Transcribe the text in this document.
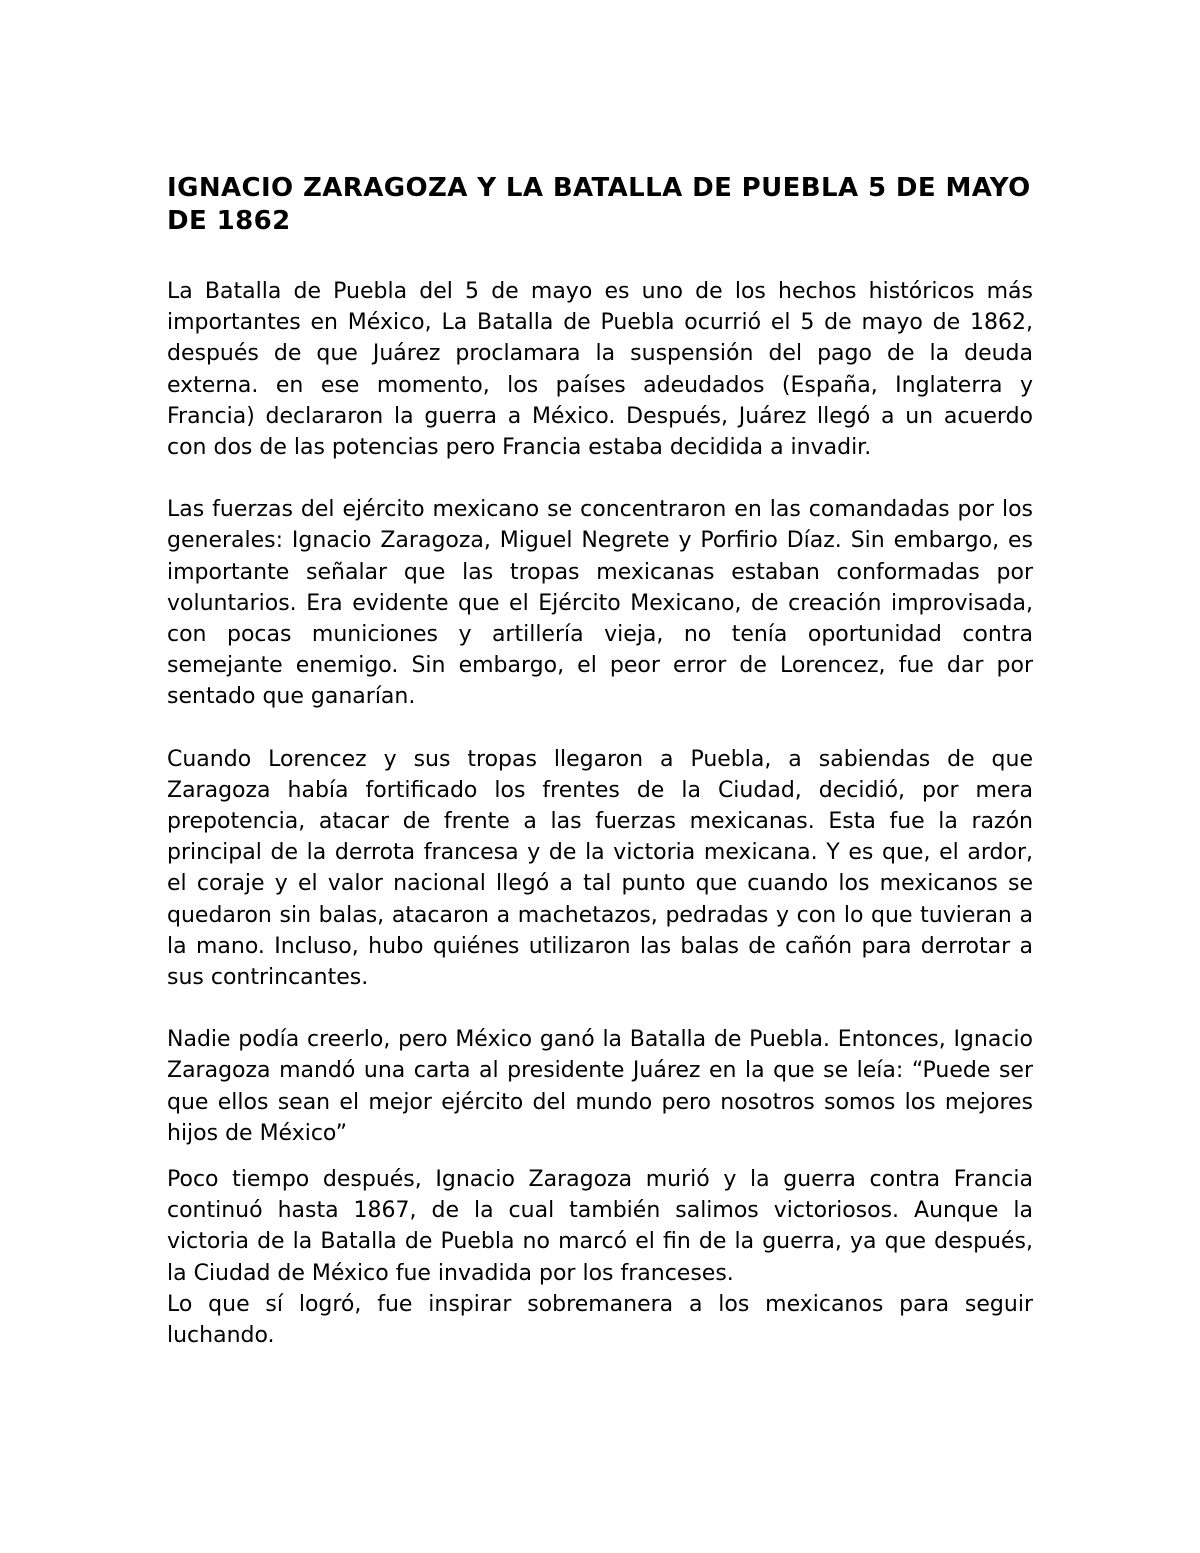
IGNACIO ZARAGOZA Y LA BATALLA DE PUEBLA 5 DE MAYO DE 1862

La Batalla de Puebla del 5 de mayo es uno de los hechos históricos más importantes en México, La Batalla de Puebla ocurrió el 5 de mayo de 1862, después de que Juárez proclamara la suspensión del pago de la deuda externa. en ese momento, los países adeudados (España, Inglaterra y Francia) declararon la guerra a México. Después, Juárez llegó a un acuerdo con dos de las potencias pero Francia estaba decidida a invadir.

Las fuerzas del ejército mexicano se concentraron en las comandadas por los generales: Ignacio Zaragoza, Miguel Negrete y Porfirio Díaz. Sin embargo, es importante señalar que las tropas mexicanas estaban conformadas por voluntarios. Era evidente que el Ejército Mexicano, de creación improvisada, con pocas municiones y artillería vieja, no tenía oportunidad contra semejante enemigo. Sin embargo, el peor error de Lorencez, fue dar por sentado que ganarían.

Cuando Lorencez y sus tropas llegaron a Puebla, a sabiendas de que Zaragoza había fortificado los frentes de la Ciudad, decidió, por mera prepotencia, atacar de frente a las fuerzas mexicanas. Esta fue la razón principal de la derrota francesa y de la victoria mexicana. Y es que, el ardor, el coraje y el valor nacional llegó a tal punto que cuando los mexicanos se quedaron sin balas, atacaron a machetazos, pedradas y con lo que tuvieran a la mano. Incluso, hubo quiénes utilizaron las balas de cañón para derrotar a sus contrincantes.

Nadie podía creerlo, pero México ganó la Batalla de Puebla. Entonces, Ignacio Zaragoza mandó una carta al presidente Juárez en la que se leía: “Puede ser que ellos sean el mejor ejército del mundo pero nosotros somos los mejores hijos de México”

Poco tiempo después, Ignacio Zaragoza murió y la guerra contra Francia continuó hasta 1867, de la cual también salimos victoriosos. Aunque la victoria de la Batalla de Puebla no marcó el fin de la guerra, ya que después, la Ciudad de México fue invadida por los franceses.

Lo que sí logró, fue inspirar sobremanera a los mexicanos para seguir luchando.
